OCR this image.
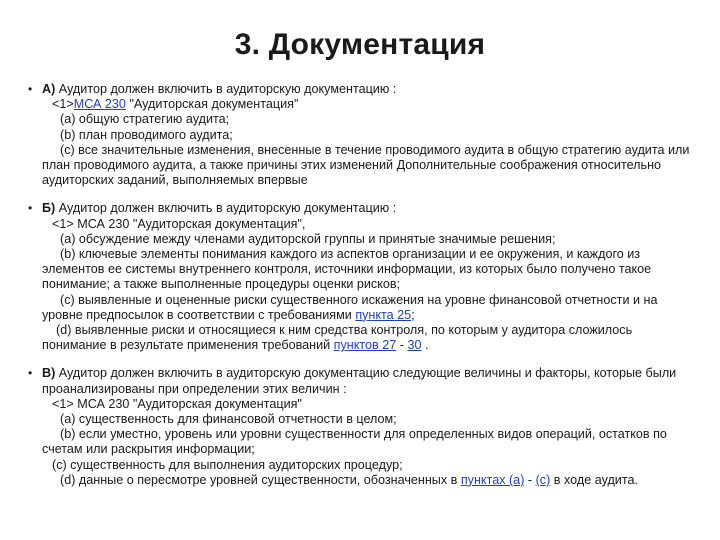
3. Документация
• А) Аудитор должен включить в аудиторскую документацию :

<1>МСА 230 "Аудиторская документация"

(a) общую стратегию аудита;

(b) план проводимого аудита;

(c) все значительные изменения, внесенные в течение проводимого аудита в общую стратегию аудита или план проводимого аудита, а также причины этих изменений Дополнительные соображения относительно аудиторских заданий, выполняемых впервые

• Б) Аудитор должен включить в аудиторскую документацию :

<1> МСА 230 "Аудиторская документация",

(a) обсуждение между членами аудиторской группы и принятые значимые решения;

(b) ключевые элементы понимания каждого из аспектов организации и ее окружения, и каждого из элементов ее системы внутреннего контроля, источники информации, из которых было получено такое понимание; а также выполненные процедуры оценки рисков;

(c) выявленные и оцененные риски существенного искажения на уровне финансовой отчетности и на уровне предпосылок в соответствии с требованиями пункта 25;

(d) выявленные риски и относящиеся к ним средства контроля, по которым у аудитора сложилось понимание в результате применения требований пунктов 27 - 30 .

• В) Аудитор должен включить в аудиторскую документацию следующие величины и факторы, которые были проанализированы при определении этих величин :

<1> МСА 230 "Аудиторская документация"

(a) существенность для финансовой отчетности в целом;

(b) если уместно, уровень или уровни существенности для определенных видов операций, остатков по счетам или раскрытия информации;

(c) существенность для выполнения аудиторских процедур;

(d) данные о пересмотре уровней существенности, обозначенных в пунктах (a) - (c) в ходе аудита.
